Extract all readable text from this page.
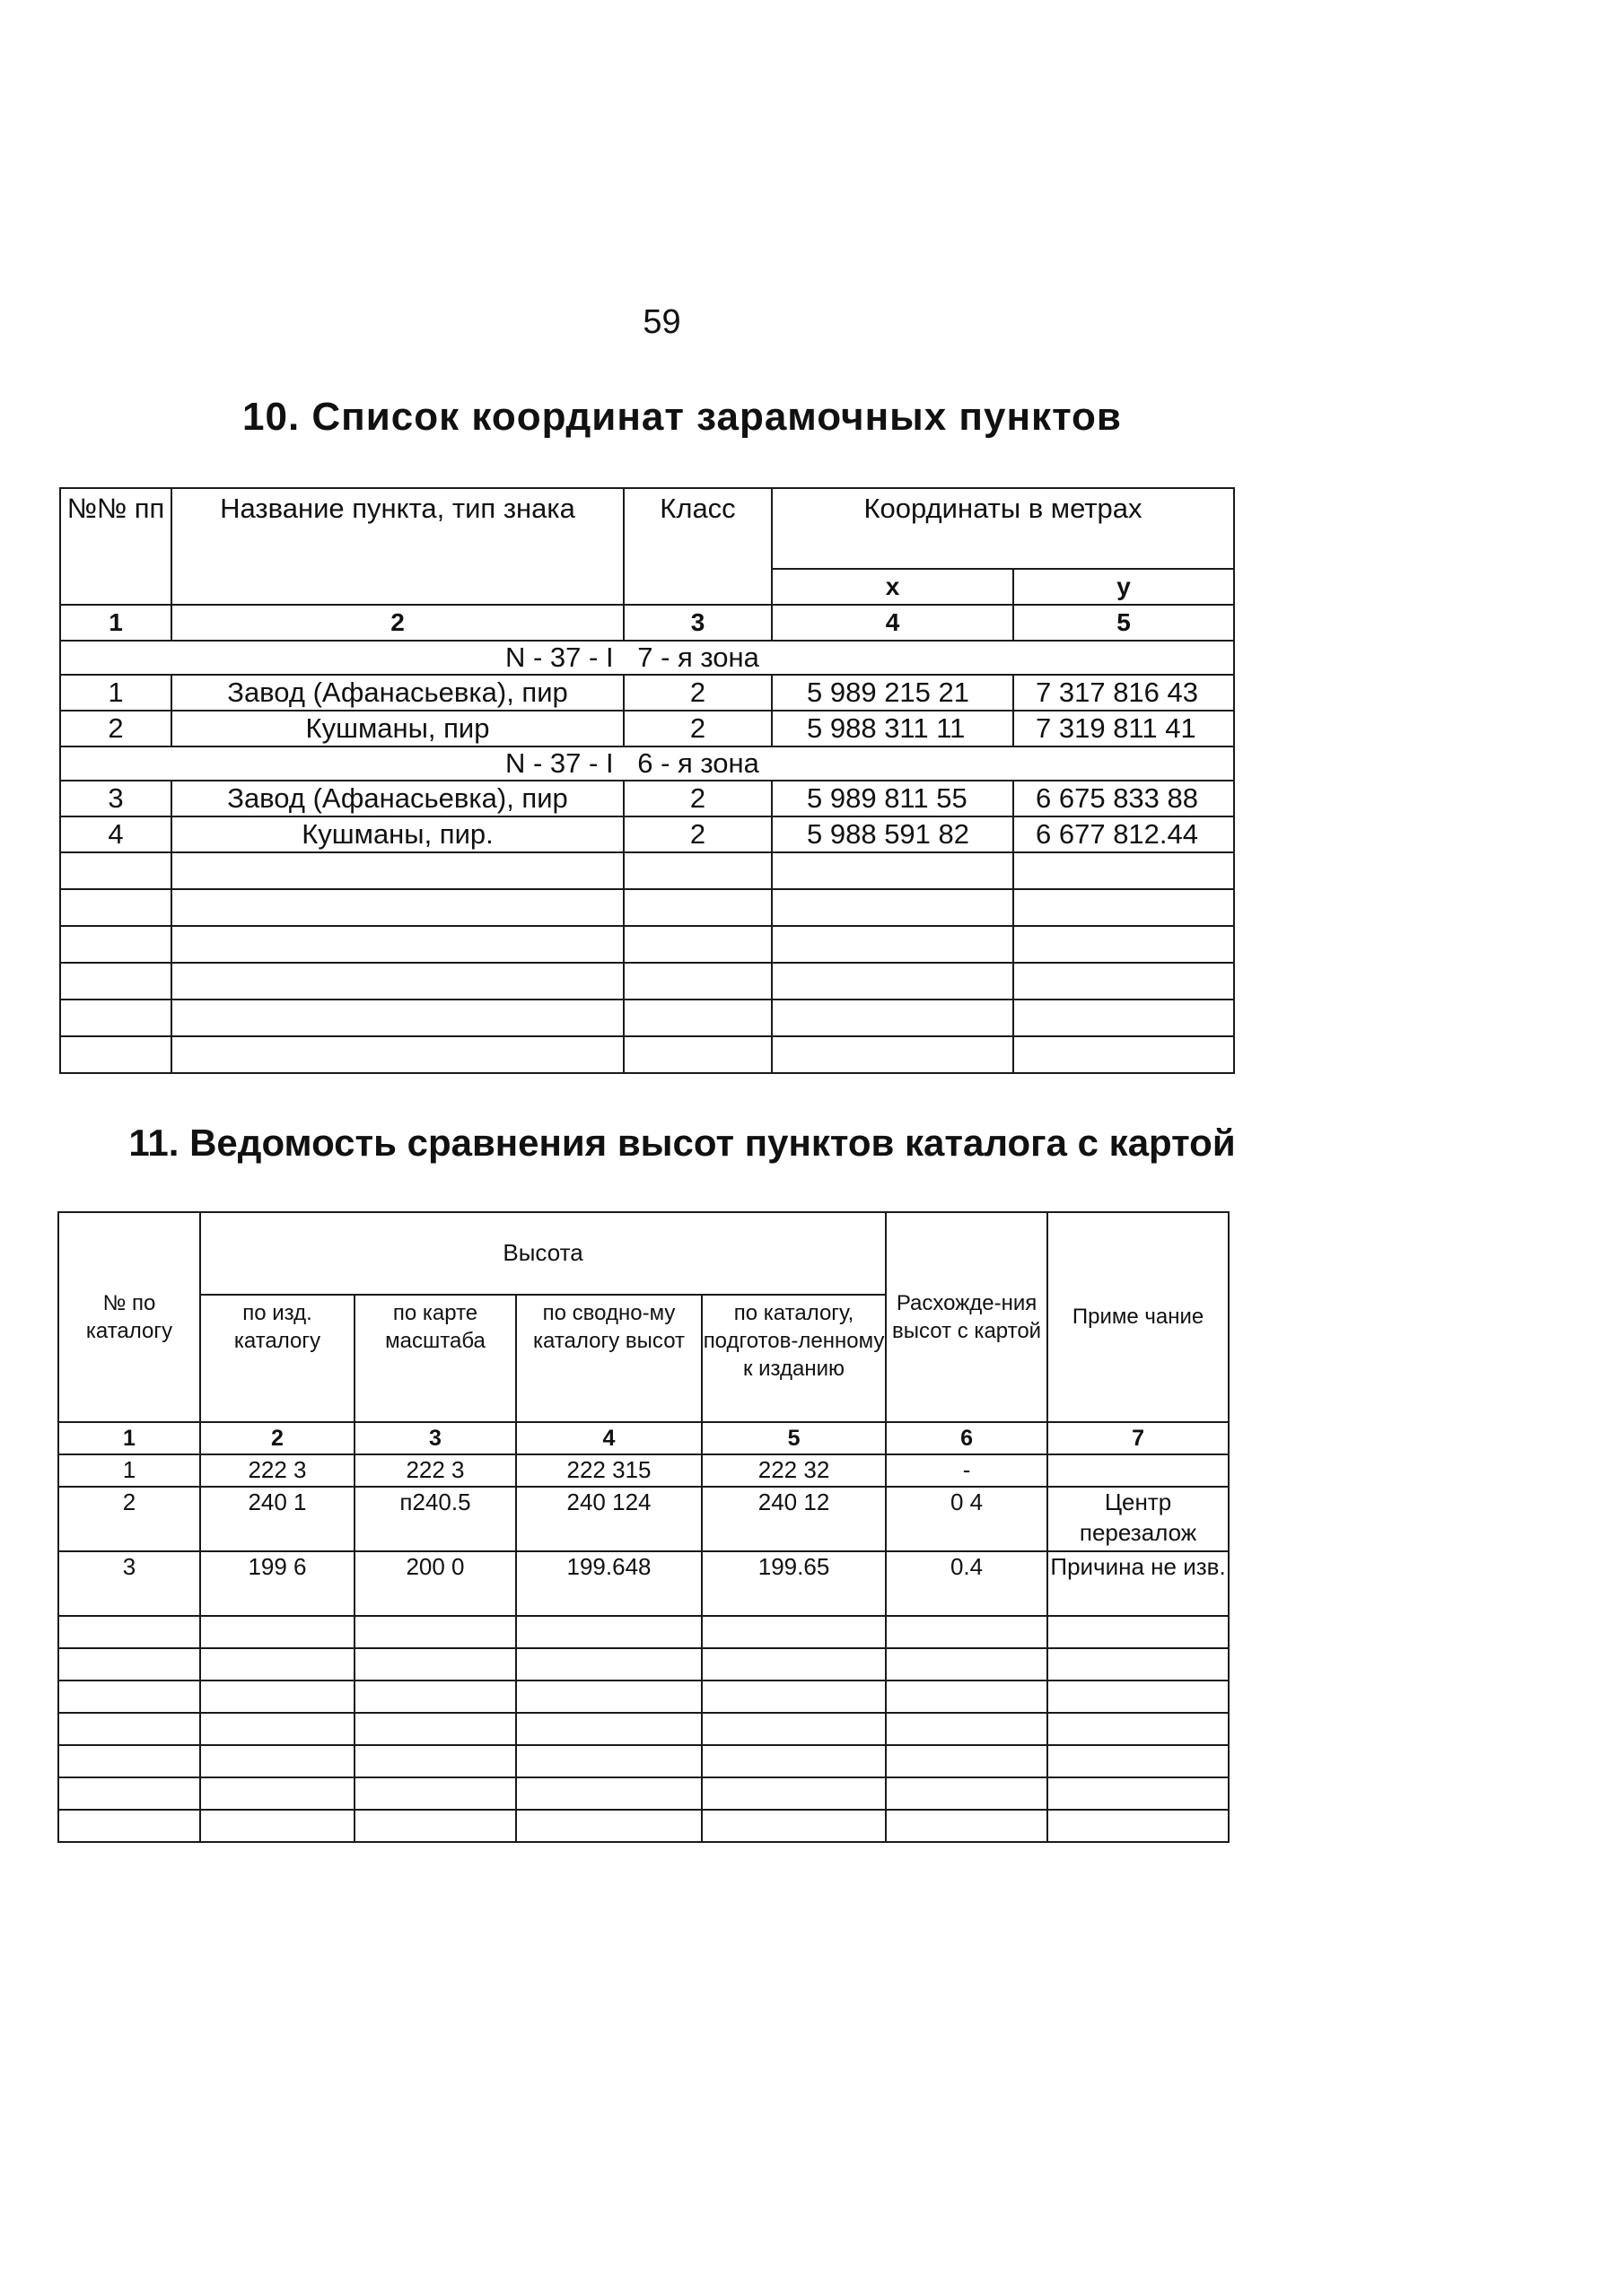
59
10. Список координат зарамочных пунктов
№№ пп	Название пункта, тип знака	Класс	Координаты в метрах	
			x	y
1	2	3	4	5
N - 37 - I 7 - я зона				
1	Завод (Афанасьевка), пир	2	5 989 215 21	7 317 816 43
2	Кушманы, пир	2	5 988 311 11	7 319 811 41
N - 37 - I 6 - я зона				
3	Завод (Афанасьевка), пир	2	5 989 811 55	6 675 833 88
4	Кушманы, пир.	2	5 988 591 82	6 677 812.44

11. Ведомость сравнения высот пунктов каталога с картой
№ по каталогу	Высота				Расхожде-ния высот с картой	Приме чание
	по изд. каталогу	по карте масштаба	по сводно-му каталогу высот	по каталогу, подготов-ленному к изданию		
1	2	3	4	5	6	7
1	222 3	222 3	222 315	222 32	-	
2	240 1	п240.5	240 124	240 12	0 4	Центр перезалож
3	199 6	200 0	199.648	199.65	0.4	Причина не изв.
